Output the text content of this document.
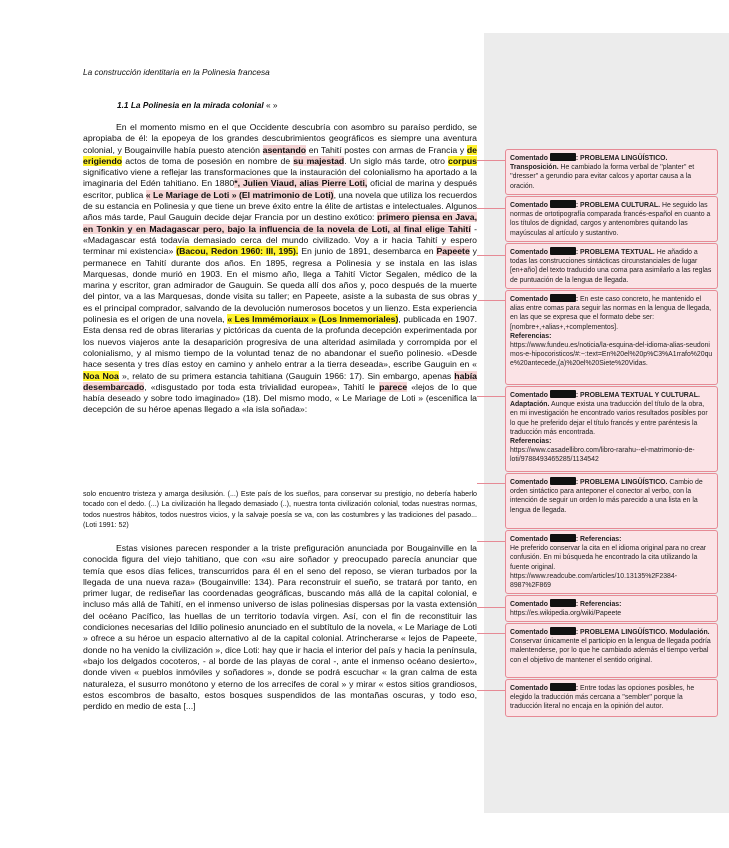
La construcción identitaria en la Polinesia francesa
1.1 La Polinesia en la mirada colonial « »

En el momento mismo en el que Occidente descubría con asombro su paraíso perdido, se apropiaba de él: la epopeya de los grandes descubrimientos geográficos es siempre una aventura colonial, y Bougainville había puesto atención asentando en Tahití postes con armas de Francia y de erigiendo actos de toma de posesión en nombre de su majestad. Un siglo más tarde, otro corpus significativo viene a reflejar las transformaciones que la instauración del colonialismo ha aportado a la imaginaria del Edén tahitiano. En 1880*, Julien Viaud, alias Pierre Loti, oficial de marina y después escritor, publica « Le Mariage de Loti » (El matrimonio de Loti), una novela que utiliza los recuerdos de su estancia en Polinesia y que tiene un breve éxito entre la élite de artistas e intelectuales. Algunos años más tarde, Paul Gauguin decide dejar Francia por un destino exótico: primero piensa en Java, en Tonkin y en Madagascar pero, bajo la influencia de la novela de Loti, al final elige Tahití - «Madagascar está todavía demasiado cerca del mundo civilizado. Voy a ir hacia Tahití y espero terminar mi existencia» (Bacou, Redon 1960: III, 195). En junio de 1891, desembarca en Papeete y permanece en Tahití durante dos años. En 1895, regresa a Polinesia y se instala en las islas Marquesas, donde murió en 1903. En el mismo año, llega a Tahití Victor Segalen, médico de la marina y escritor, gran admirador de Gauguin. Se queda allí dos años y, poco después de la muerte del pintor, va a las Marquesas, donde visita su taller; en Papeete, asiste a la subasta de sus obras y es el principal comprador, salvando de la devolución numerosos bocetos y un lienzo. Esta experiencia polinesia es el origen de una novela, « Les Immémoriaux » (Los Inmemoriales), publicada en 1907. Esta densa red de obras literarias y pictóricas da cuenta de la profunda decepción experimentada por los nuevos viajeros ante la desaparición progresiva de una alteridad asimilada y corrompida por el colonialismo, y al mismo tiempo de la voluntad tenaz de no abandonar el sueño polinesio. «Desde hace sesenta y tres días estoy en camino y anhelo entrar a la tierra deseada», escribe Gauguin en « Noa Noa », relato de su primera estancia tahitiana (Gauguin 1966: 17). Sin embargo, apenas había desembarcado, «disgustado por toda esta trivialidad europea», Tahití le parece «lejos de lo que había deseado y sobre todo imaginado» (18). Del mismo modo, « Le Mariage de Loti » (escenifica la decepción de su héroe apenas llegado a «la isla soñada»:

solo encuentro tristeza y amarga desilusión. (...) Este país de los sueños, para conservar su prestigio, no debería haberlo tocado con el dedo. (...) La civilización ha llegado demasiado (..), nuestra tonta civilización colonial, todas nuestras normas, todos nuestros hábitos, todos nuestros vicios, y la salvaje poesía se va, con las costumbres y las tradiciones del pasado... (Loti 1991: 52)

Estas visiones parecen responder a la triste prefiguración anunciada por Bougainville en la conocida figura del viejo tahitiano, que con «su aire soñador y preocupado parecía anunciar que temía que esos días felices, transcurridos para él en el seno del reposo, se vieran turbados por la llegada de una nueva raza» (Bougainville: 134). Para reconstruir el sueño, se tratará por tanto, en primer lugar, de rediseñar las coordenadas geográficas, buscando más allá de la capital colonial, e incluso más allá de Tahití, en el inmenso universo de islas polinesias dispersas por la vasta extensión del océano Pacífico, las huellas de un territorio todavía virgen. Así, con el fin de reconstituir las condiciones necesarias del Idilio polinesio anunciado en el subtítulo de la novela, « Le Mariage de Loti » ofrece a su héroe un espacio alternativo al de la capital colonial. Atrincherarse « lejos de Papeete, donde no ha venido la civilización », dice Loti: hay que ir hacia el interior del país y hacia la península, «bajo los delgados cocoteros, - al borde de las playas de coral -, ante el inmenso océano desierto», donde viven « pueblos inmóviles y soñadores », donde se podrá escuchar « la gran calma de esta naturaleza, el susurro monótono y eterno de los arrecifes de coral » y mirar « estos sitios grandiosos, estos escombros de basalto, estos bosques suspendidos de las montañas oscuras, y todo eso, perdido en medio de esta [...]

Comentado	: PROBLEMA LINGÜÍSTICO.
Transposición. He cambiado la forma verbal de ''planter'' et ''dresser'' a gerundio para evitar calcos y aportar causa a la oración.
Comentado	: PROBLEMA CULTURAL. He seguido las normas de ortotipografía comparada francés-español en cuanto a los títulos de dignidad, cargos y antenombres quitando las mayúsculas al artículo y sustantivo.
Comentado	: PROBLEMA TEXTUAL. He añadido a todas las construcciones sintácticas circunstanciales de lugar [en+año] del texto traducido una coma para asimilarlo a las reglas de puntuación de la lengua de llegada.
Comentado	: En este caso concreto, he mantenido el alias entre comas para seguir las normas en la lengua de llegada, en las que se expresa que el formato debe ser: [nombre+,+alias+,+complementos].
Referencias:
https://www.fundeu.es/noticia/la-esquina-del-idioma-alias-seudonimos-e-hipocoristicos/#:~:text=En%20el%20p%C3%A1rrafo%20que%20antecede,(a)%20el%20Siete%20Vidas.
Comentado	: PROBLEMA TEXTUAL Y CULTURAL.
Adaptación. Aunque exista una traducción del título de la obra, en mi investigación he encontrado varios resultados posibles por lo que he preferido dejar el título francés y entre paréntesis la traducción más encontrada.
Referencias:
https://www.casadellibro.com/libro-rarahu--el-matrimonio-de-loti/9788493465285/1134542
Comentado	: PROBLEMA LINGÜÍSTICO. Cambio de orden sintáctico para anteponer el conector al verbo, con la intención de seguir un orden lo más parecido a una lista en la lengua de llegada.
Comentado	: Referencias:
He preferido conservar la cita en el idioma original para no crear confusión. En mi búsqueda he encontrado la cita utilizando la fuente original. https://www.readcube.com/articles/10.13135%2F2384-8987%2F869
Comentado	: Referencias:
https://es.wikipedia.org/wiki/Papeete
Comentado	: PROBLEMA LINGÜÍSTICO. Modulación.
Conservar únicamente el participio en la lengua de llegada podría malentenderse, por lo que he cambiado además el tiempo verbal con el objetivo de mantener el sentido original.
Comentado	: Entre todas las opciones posibles, he elegido la traducción más cercana a ''sembler'' porque la traducción literal no encaja en la opinión del autor.
